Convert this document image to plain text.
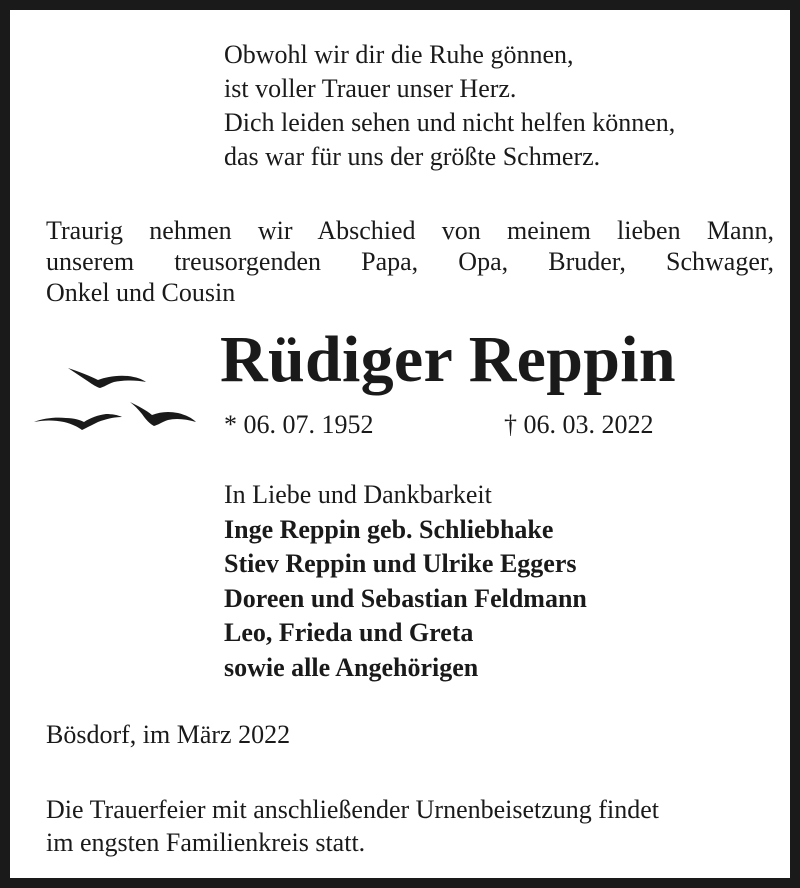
Obwohl wir dir die Ruhe gönnen,
ist voller Trauer unser Herz.
Dich leiden sehen und nicht helfen können,
das war für uns der größte Schmerz.
Traurig nehmen wir Abschied von meinem lieben Mann,
unserem treusorgenden Papa, Opa, Bruder, Schwager,
Onkel und Cousin
Rüdiger Reppin
* 06. 07. 1952	† 06. 03. 2022
In Liebe und Dankbarkeit
Inge Reppin geb. Schliebhake
Stiev Reppin und Ulrike Eggers
Doreen und Sebastian Feldmann
Leo, Frieda und Greta
sowie alle Angehörigen
Bösdorf, im März 2022
Die Trauerfeier mit anschließender Urnenbeisetzung findet
im engsten Familienkreis statt.
